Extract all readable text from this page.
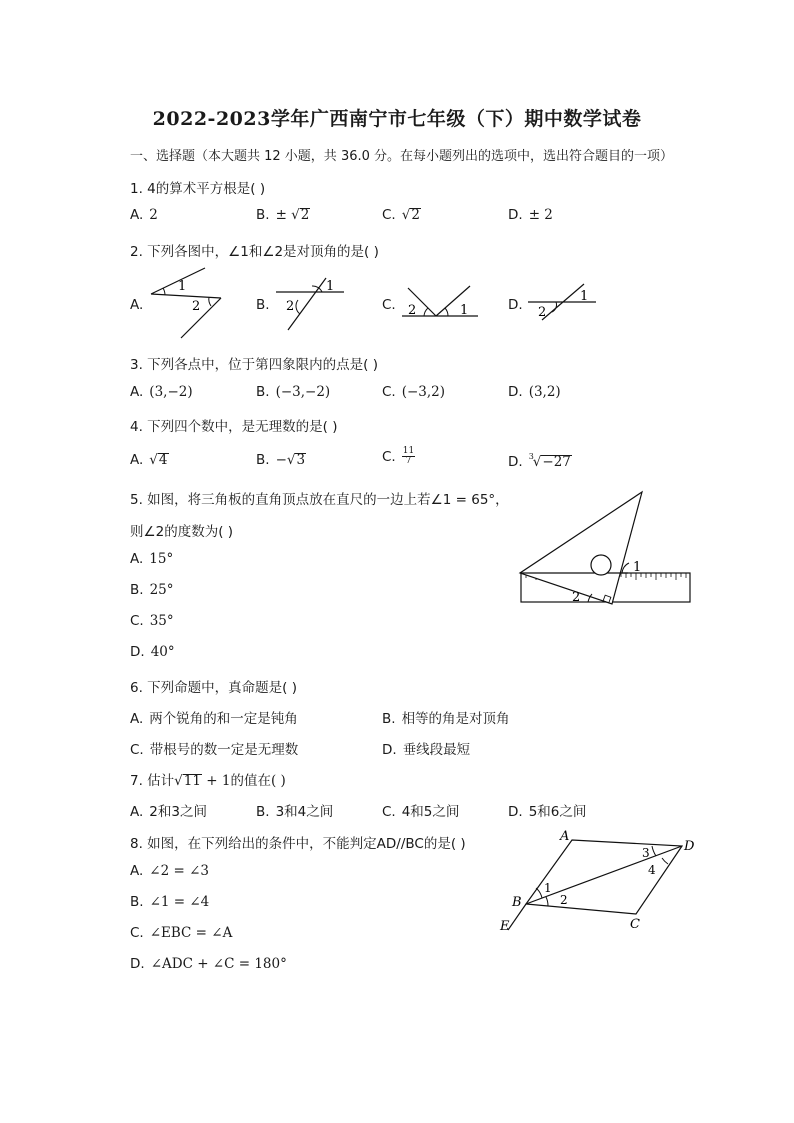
2022-2023学年广西南宁市七年级（下）期中数学试卷
一、选择题（本大题共 12 小题，共 36.0 分。在每小题列出的选项中，选出符合题目的一项）
1. 4的算术平方根是( )
A. 2	B. ± √2	C. √2	D. ± 2
2. 下列各图中，∠1和∠2是对顶角的是( )
A.	B.	C.	D.
1
2
1
2	2	1
1
2
3. 下列各点中，位于第四象限内的点是( )
A. (3,−2)	B. (−3,−2)	C. (−3,2)	D. (3,2)
4. 下列四个数中，是无理数的是( )
A. √4	B. −√3	C. $\frac{11}{7}$	D. $^3$√−27
5. 如图，将三角板的直角顶点放在直尺的一边上若∠1 = 65°，
则∠2的度数为( )
A. 15°
B. 25°
C. 35°
D. 40°
1
2
6. 下列命题中，真命题是( )
A. 两个锐角的和一定是钝角	B. 相等的角是对顶角
C. 带根号的数一定是无理数	D. 垂线段最短
7. 估计√11 + 1的值在( )
A. 2和3之间	B. 3和4之间	C. 4和5之间	D. 5和6之间
8. 如图，在下列给出的条件中，不能判定AD//BC的是( )
A. ∠2 = ∠3
B. ∠1 = ∠4
C. ∠EBC = ∠A
D. ∠ADC + ∠C = 180°
A
D
C
B
E
1
2
3
4
